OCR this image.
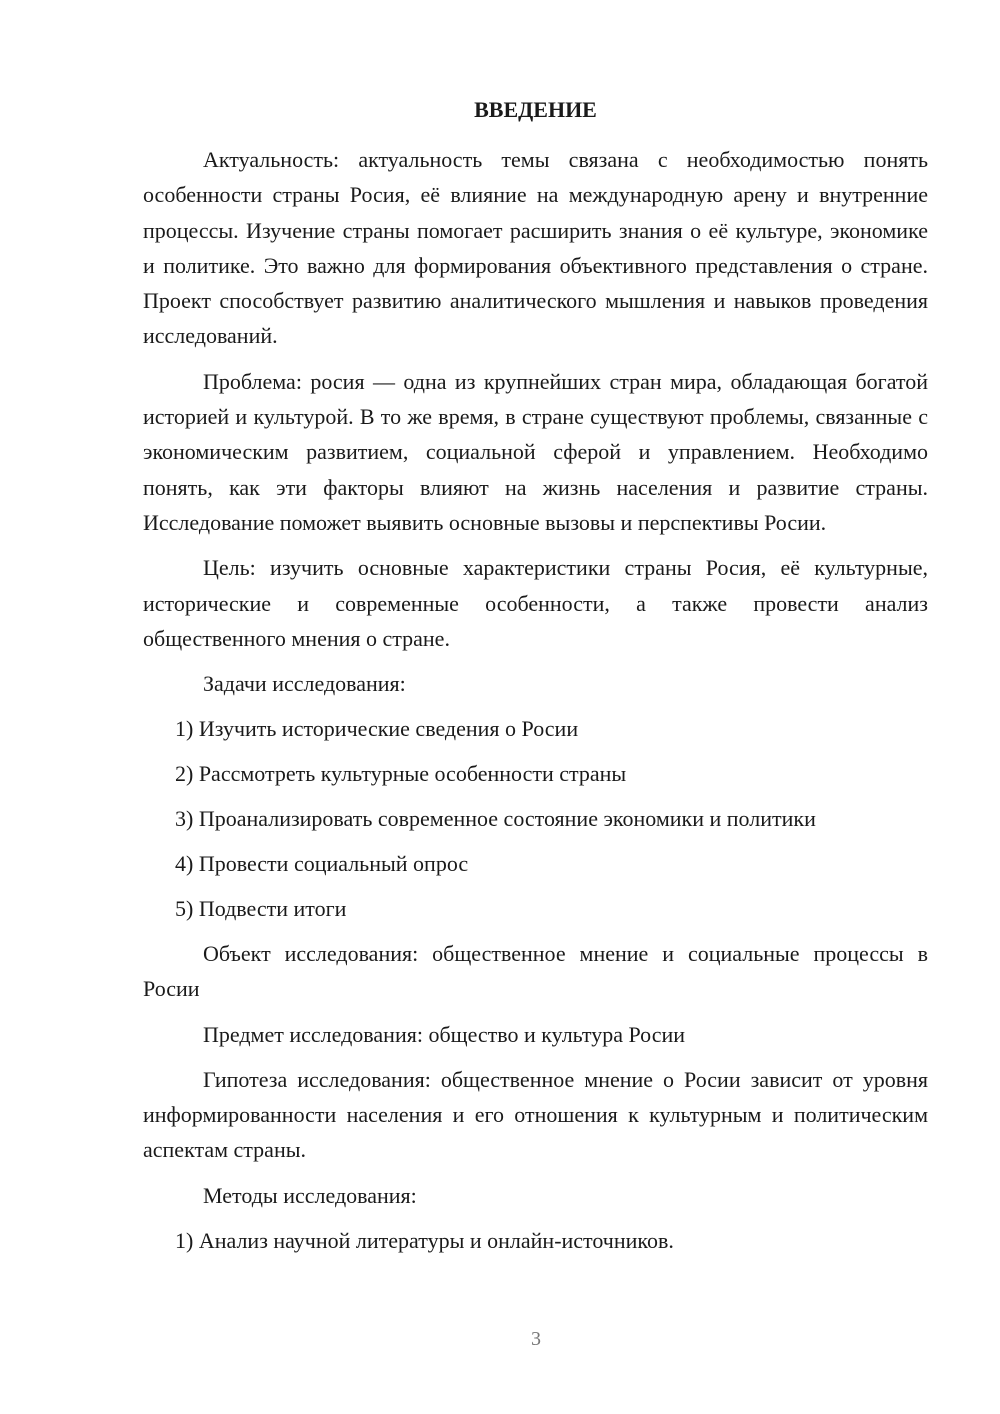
ВВЕДЕНИЕ
Актуальность: актуальность темы связана с необходимостью понять особенности страны Росия, её влияние на международную арену и внутренние процессы. Изучение страны помогает расширить знания о её культуре, экономике и политике. Это важно для формирования объективного представления о стране. Проект способствует развитию аналитического мышления и навыков проведения исследований.
Проблема: росия — одна из крупнейших стран мира, обладающая богатой историей и культурой. В то же время, в стране существуют проблемы, связанные с экономическим развитием, социальной сферой и управлением. Необходимо понять, как эти факторы влияют на жизнь населения и развитие страны. Исследование поможет выявить основные вызовы и перспективы Росии.
Цель: изучить основные характеристики страны Росия, её культурные, исторические и современные особенности, а также провести анализ общественного мнения о стране.
Задачи исследования:
1) Изучить исторические сведения о Росии
2) Рассмотреть культурные особенности страны
3) Проанализировать современное состояние экономики и политики
4) Провести социальный опрос
5) Подвести итоги
Объект исследования: общественное мнение и социальные процессы в Росии
Предмет исследования: общество и культура Росии
Гипотеза исследования: общественное мнение о Росии зависит от уровня информированности населения и его отношения к культурным и политическим аспектам страны.
Методы исследования:
1) Анализ научной литературы и онлайн-источников.
3
